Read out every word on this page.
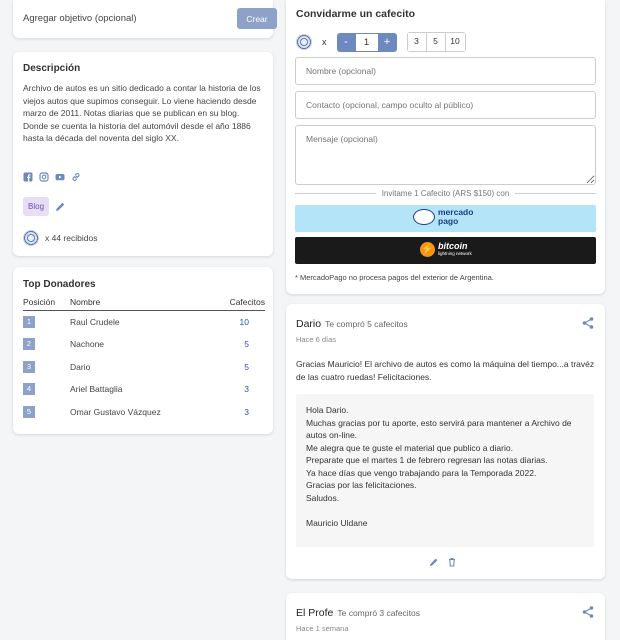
Agregar objetivo (opcional)	Crear
Descripción
Archivo de autos es un sitio dedicado a contar la historia de los viejos autos que supimos conseguir. Lo viene haciendo desde marzo de 2011. Notas diarias que se publican en su blog. Donde se cuenta la historia del automóvil desde el año 1886 hasta la década del noventa del siglo XX.
Blog
x 44 recibidos
Top Donadores
Posición	Nombre	Cafecitos
1	Raul Crudele	10
2	Nachone	5
3	Dario	5
4	Ariel Battaglia	3
5	Omar Gustavo Vázquez	3
Convidarme un cafecito
x	-	1	+	3	5	10
Nombre (opcional)
Contacto (opcional, campo oculto al público)
Mensaje (opcional)
Invitame 1 Cafecito (ARS $150) con
mercado
pago
⚡ bitcoin
lightning network
* MercadoPago no procesa pagos del exterior de Argentina.
Dario Te compró 5 cafecitos
Hace 6 días
Gracias Mauricio! El archivo de autos es como la máquina del tiempo...a travéz de las cuatro ruedas! Felicitaciones.
Hola Dario.
Muchas gracias por tu aporte, esto servirá para mantener a Archivo de autos on-line.
Me alegra que te guste el material que publico a diario.
Preparate que el martes 1 de febrero regresan las notas diarias.
Ya hace días que vengo trabajando para la Temporada 2022.
Gracias por las felicitaciones.
Saludos.
Mauricio Uldane
El Profe Te compró 3 cafecitos
Hace 1 semana
